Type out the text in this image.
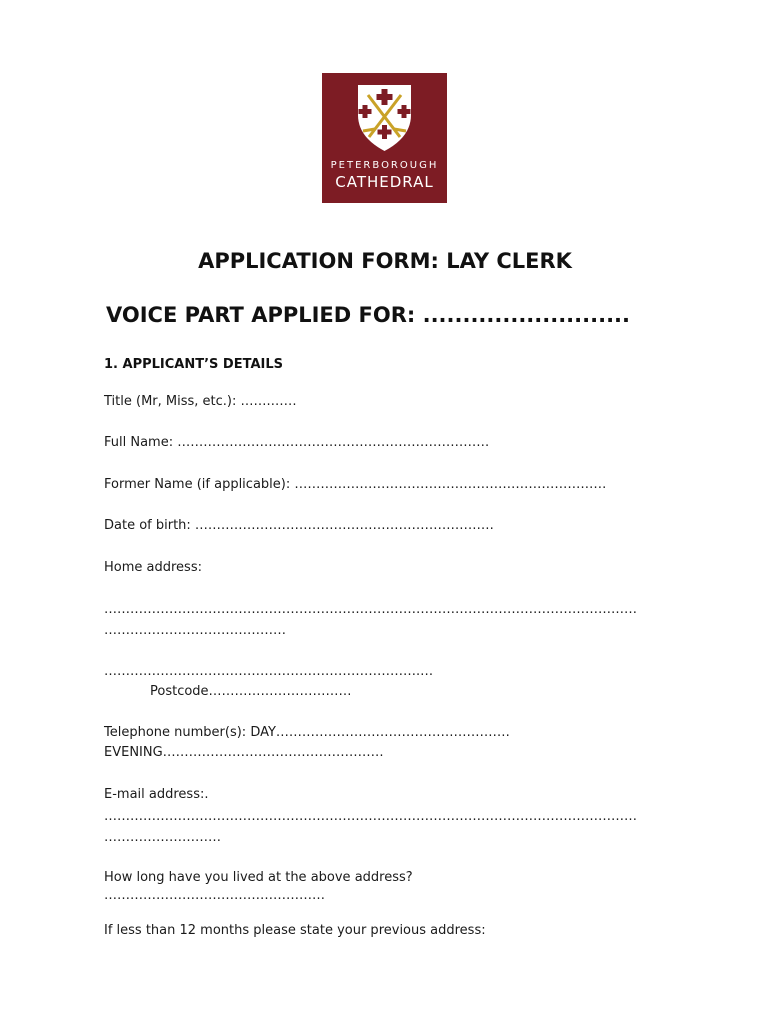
PETERBOROUGH
CATHEDRAL
APPLICATION FORM: LAY CLERK
VOICE PART APPLIED FOR: ..........................
1. APPLICANT’S DETAILS
Title (Mr, Miss, etc.): …….……
Full Name: ………………………………………………………………
Former Name (if applicable): ………………………………………………………………
Date of birth: ……………………………………………………………
Home address:
……………………………………………………………………………………………………………
……………………………………
……………………………………………………………….…
Postcode……………………………
Telephone number(s): DAY………………………………………………
EVENING……………………………………………
E-mail address:.
……………………………………………………………………………………………………………
………………………
How long have you lived at the above address?
……………………………………………
If less than 12 months please state your previous address:
